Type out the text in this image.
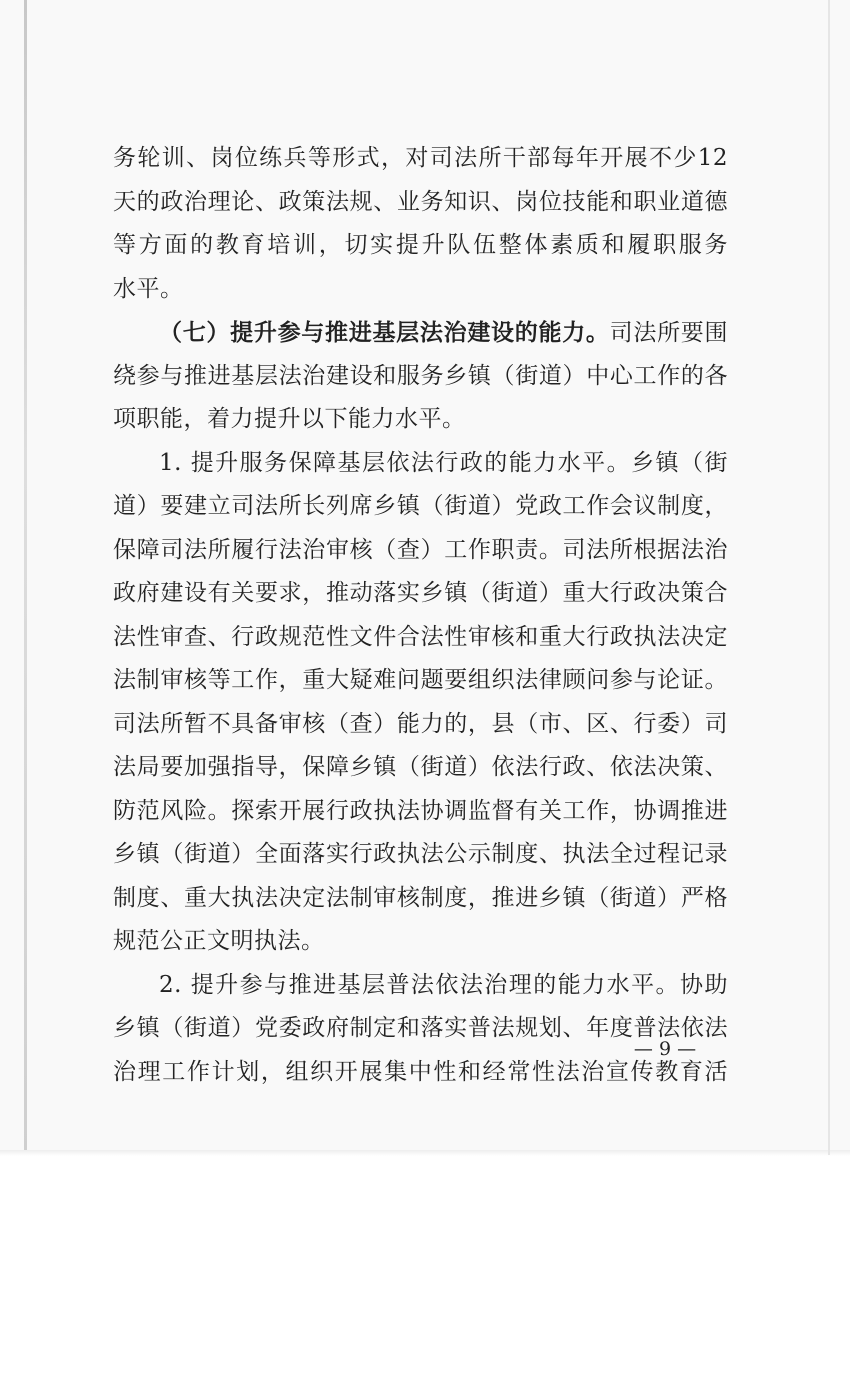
务轮训、岗位练兵等形式，对司法所干部每年开展不少12
天的政治理论、政策法规、业务知识、岗位技能和职业道德
等方面的教育培训，切实提升队伍整体素质和履职服务
水平。
（七）提升参与推进基层法治建设的能力。司法所要围
绕参与推进基层法治建设和服务乡镇（街道）中心工作的各
项职能，着力提升以下能力水平。
1. 提升服务保障基层依法行政的能力水平。乡镇（街
道）要建立司法所长列席乡镇（街道）党政工作会议制度，
保障司法所履行法治审核（查）工作职责。司法所根据法治
政府建设有关要求，推动落实乡镇（街道）重大行政决策合
法性审查、行政规范性文件合法性审核和重大行政执法决定
法制审核等工作，重大疑难问题要组织法律顾问参与论证。
司法所暂不具备审核（查）能力的，县（市、区、行委）司
法局要加强指导，保障乡镇（街道）依法行政、依法决策、
防范风险。探索开展行政执法协调监督有关工作，协调推进
乡镇（街道）全面落实行政执法公示制度、执法全过程记录
制度、重大执法决定法制审核制度，推进乡镇（街道）严格
规范公正文明执法。
2. 提升参与推进基层普法依法治理的能力水平。协助
乡镇（街道）党委政府制定和落实普法规划、年度普法依法
治理工作计划，组织开展集中性和经常性法治宣传教育活
— 9 —
